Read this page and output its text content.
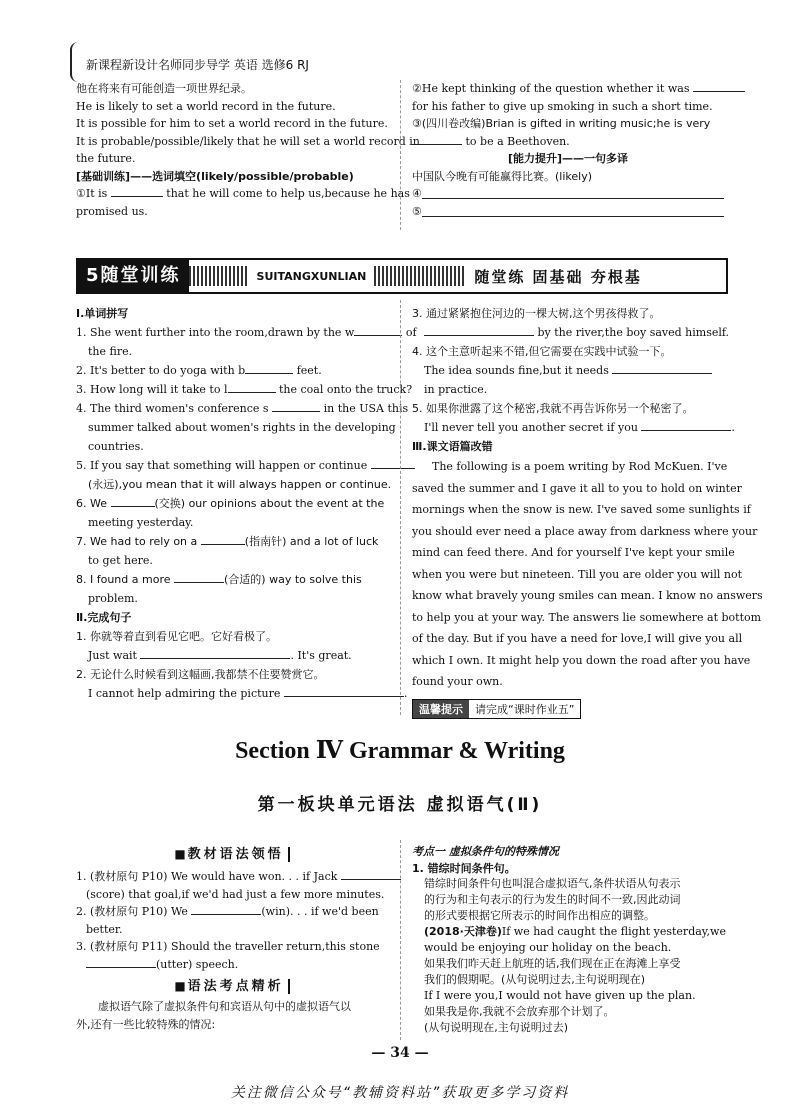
新课程新设计名师同步导学 英语 选修6 RJ
他在将来有可能创造一项世界纪录。
He is likely to set a world record in the future.
It is possible for him to set a world record in the future.
It is probable/possible/likely that he will set a world record in
the future.
[基础训练]——选词填空(likely/possible/probable)
①It is	that he will come to help us,because he has
promised us.
②He kept thinking of the question whether it was
for his father to give up smoking in such a short time.
③(四川卷改编)Brian is gifted in writing music;he is very
to be a Beethoven.
[能力提升]——一句多译
中国队今晚有可能赢得比赛。(likely)
④
⑤
5随堂训练	SUITANGXUNLIAN	随堂练 固基础 夯根基
Ⅰ.单词拼写
1. She went further into the room,drawn by the w	of
the fire.
2. It's better to do yoga with b	feet.
3. How long will it take to l	the coal onto the truck?
4. The third women's conference s	in the USA this
summer talked about women's rights in the developing
countries.
5. If you say that something will happen or continue
(永远),you mean that it will always happen or continue.
6. We	(交换) our opinions about the event at the
meeting yesterday.
7. We had to rely on a	(指南针) and a lot of luck
to get here.
8. I found a more	(合适的) way to solve this
problem.
Ⅱ.完成句子
1. 你就等着直到看见它吧。它好看极了。
Just wait	. It's great.
2. 无论什么时候看到这幅画,我都禁不住要赞赏它。
I cannot help admiring the picture	.
3. 通过紧紧抱住河边的一棵大树,这个男孩得救了。
by the river,the boy saved himself.
4. 这个主意听起来不错,但它需要在实践中试验一下。
The idea sounds fine,but it needs
in practice.
5. 如果你泄露了这个秘密,我就不再告诉你另一个秘密了。
I'll never tell you another secret if you	.
Ⅲ.课文语篇改错
The following is a poem writing by Rod McKuen. I've
saved the summer and I gave it all to you to hold on winter
mornings when the snow is new. I've saved some sunlights if
you should ever need a place away from darkness where your
mind can feed there. And for yourself I've kept your smile
when you were but nineteen. Till you are older you will not
know what bravely young smiles can mean. I know no answers
to help you at your way. The answers lie somewhere at bottom
of the day. But if you have a need for love,I will give you all
which I own. It might help you down the road after you have
found your own.
温馨提示	请完成“课时作业五”
Section Ⅳ Grammar & Writing
第一板块单元语法 虚拟语气(Ⅱ)
■ 教材语法领悟
1. (教材原句 P10) We would have won. . . if Jack
(score) that goal,if we'd had just a few more minutes.
2. (教材原句 P10) We	(win). . . if we'd been
better.
3. (教材原句 P11) Should the traveller return,this stone
(utter) speech.
■ 语法考点精析
虚拟语气除了虚拟条件句和宾语从句中的虚拟语气以
外,还有一些比较特殊的情况:
考点一 虚拟条件句的特殊情况
1. 错综时间条件句。
错综时间条件句也叫混合虚拟语气,条件状语从句表示
的行为和主句表示的行为发生的时间不一致,因此动词
的形式要根据它所表示的时间作出相应的调整。
(2018·天津卷)If we had caught the flight yesterday,we
would be enjoying our holiday on the beach.
如果我们昨天赶上航班的话,我们现在正在海滩上享受
我们的假期呢。(从句说明过去,主句说明现在)
If I were you,I would not have given up the plan.
如果我是你,我就不会放弃那个计划了。
(从句说明现在,主句说明过去)
— 34 —
关注微信公众号“教辅资料站”获取更多学习资料
